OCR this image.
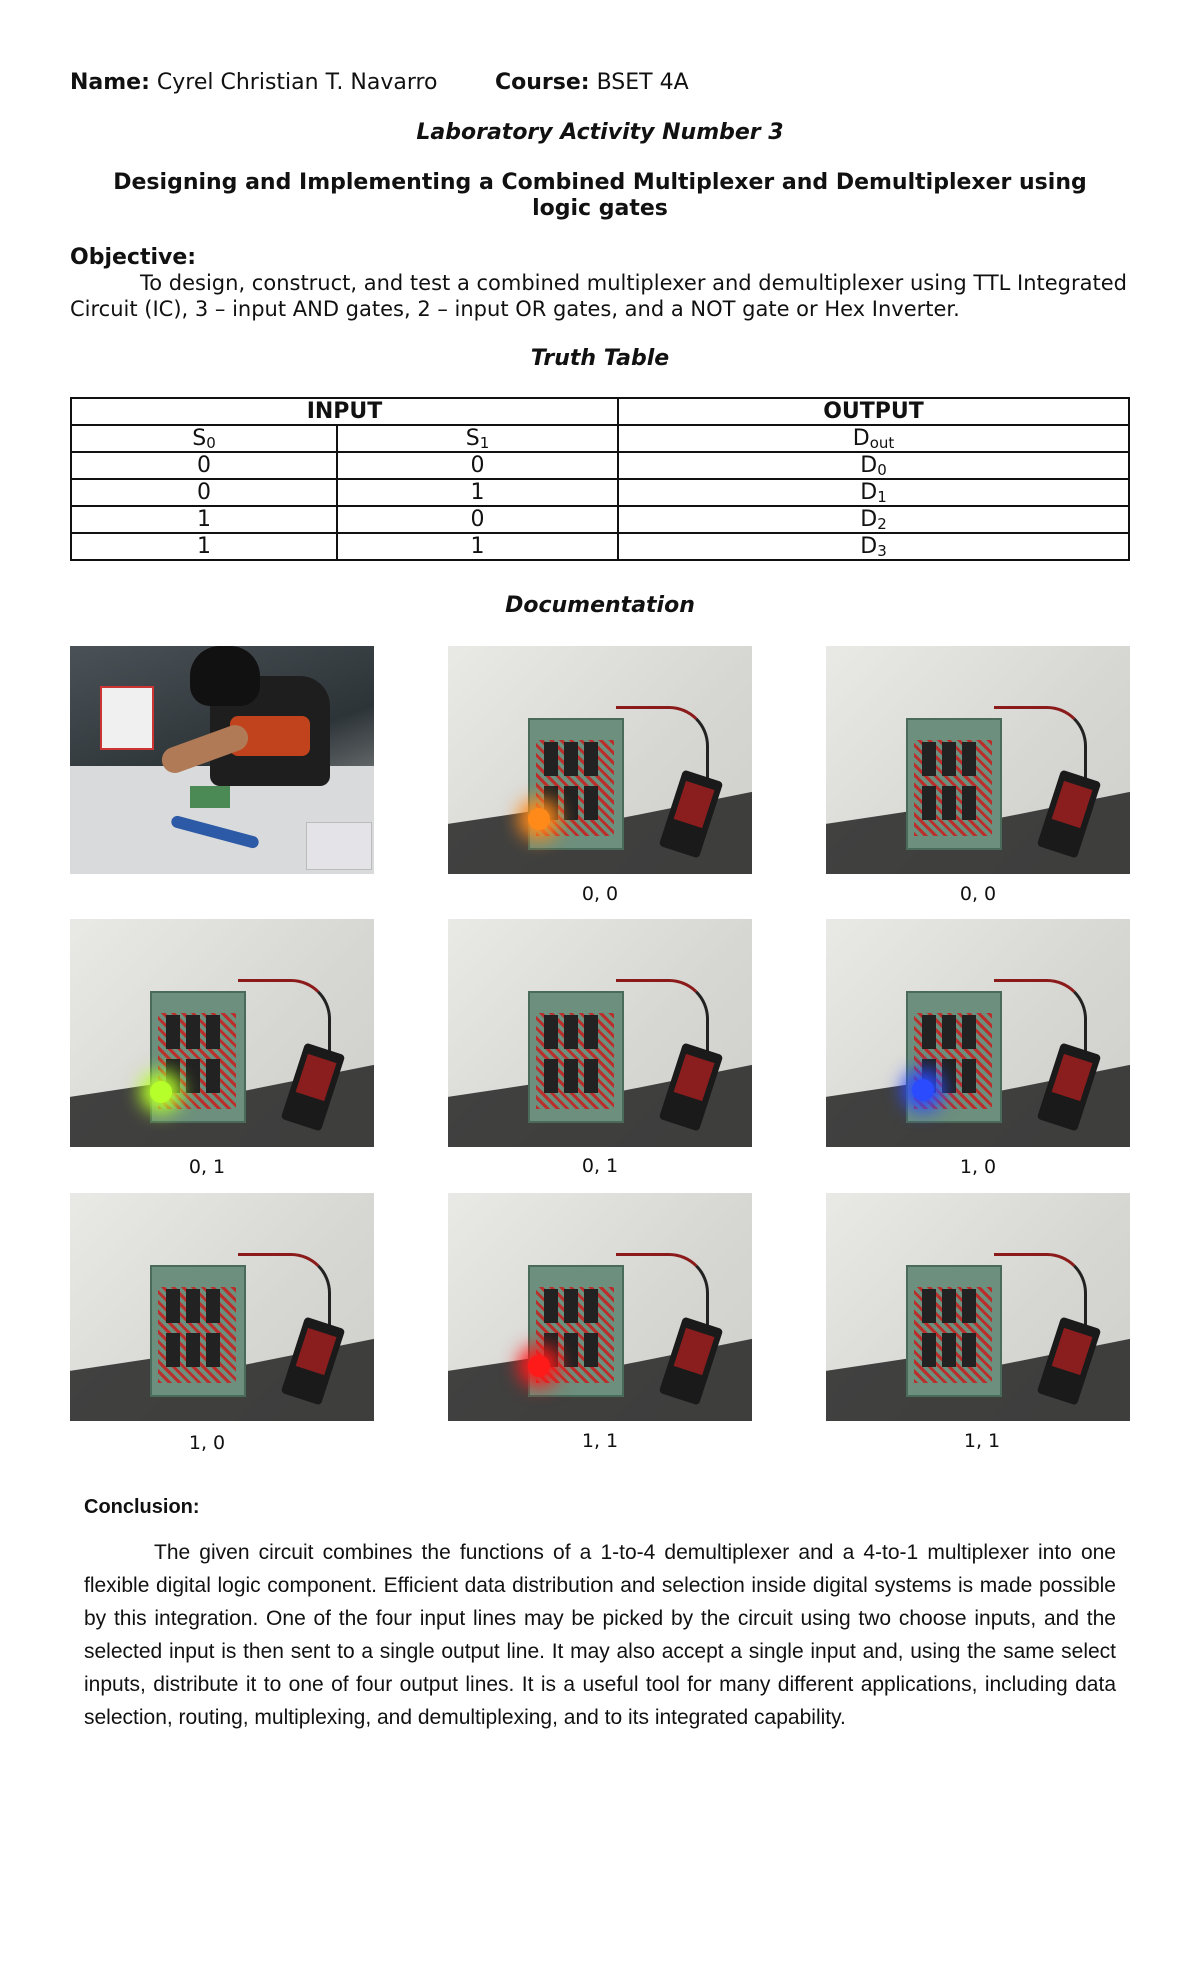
Name: Cyrel Christian T. Navarro	Course: BSET 4A
Laboratory Activity Number 3
Designing and Implementing a Combined Multiplexer and Demultiplexer using logic gates
Objective:
To design, construct, and test a combined multiplexer and demultiplexer using TTL Integrated Circuit (IC), 3 – input AND gates, 2 – input OR gates, and a NOT gate or Hex Inverter.
Truth Table
INPUT		OUTPUT
$S_0$	$S_1$	$D_{out}$
0	0	$D_0$
0	1	$D_1$
1	0	$D_2$
1	1	$D_3$
Documentation
0, 0	0, 0
0, 1	0, 1	1, 0
1, 0	1, 1	1, 1
Conclusion:
The given circuit combines the functions of a 1-to-4 demultiplexer and a 4-to-1 multiplexer into one flexible digital logic component. Efficient data distribution and selection inside digital systems is made possible by this integration. One of the four input lines may be picked by the circuit using two choose inputs, and the selected input is then sent to a single output line. It may also accept a single input and, using the same select inputs, distribute it to one of four output lines. It is a useful tool for many different applications, including data selection, routing, multiplexing, and demultiplexing, and to its integrated capability.
